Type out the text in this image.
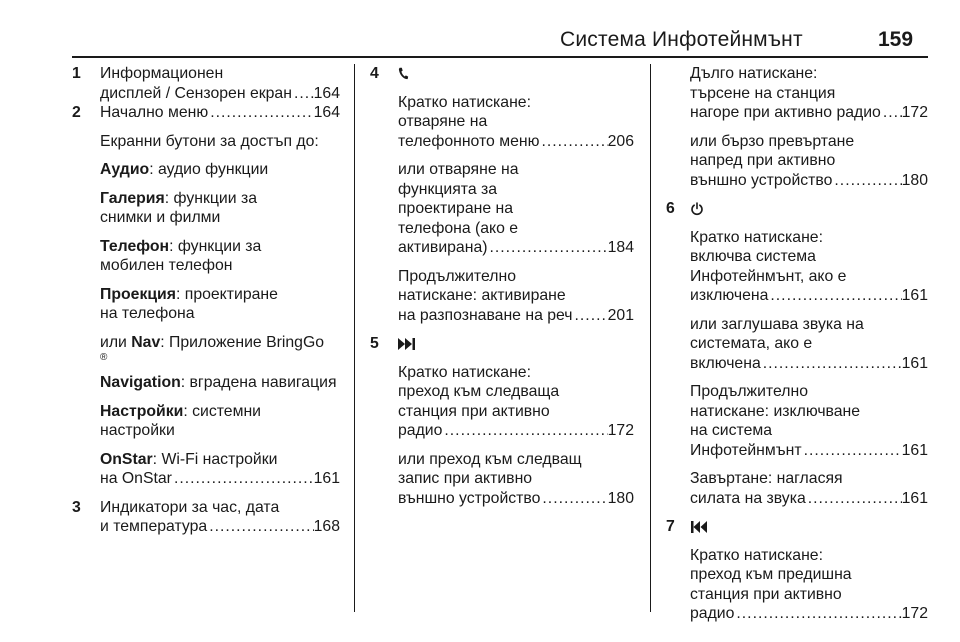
Система Инфотейнмънт	159
1	Информационен
дисплей / Сензорен екран ..... 164
2	Начално меню .....	164
Екранни бутони за достъп до:
Аудио: аудио функции
Галерия: функции за
снимки и филми
Телефон: функции за
мобилен телефон
Проекция: проектиране
на телефона
или Nav: Приложение BringGo
®
Navigation: вградена навигация
Настройки: системни
настройки
OnStar: Wi-Fi настройки
на OnStar .....	161
3	Индикатори за час, дата
и температура .....	168
4
Кратко натискане:
отваряне на
телефонното меню .....	206
или отваряне на
функцията за
проектиране на
телефона (ако е
активирана) .....	184
Продължително
натискане: активиране
на разпознаване на реч ..... 201
5
Кратко натискане:
преход към следваща
станция при активно
радио .....	172
или преход към следващ
запис при активно
външно устройство .....	180
Дълго натискане:
търсене на станция
нагоре при активно радио ..... 172
или бързо превъртане
напред при активно
външно устройство .....	180
6
Кратко натискане:
включва система
Инфотейнмънт, ако е
изключена .....	161
или заглушава звука на
системата, ако е
включена .....	161
Продължително
натискане: изключване
на система
Инфотейнмънт .....	161
Завъртане: нагласяя
силата на звука .....	161
7
Кратко натискане:
преход към предишна
станция при активно
радио .....	172
